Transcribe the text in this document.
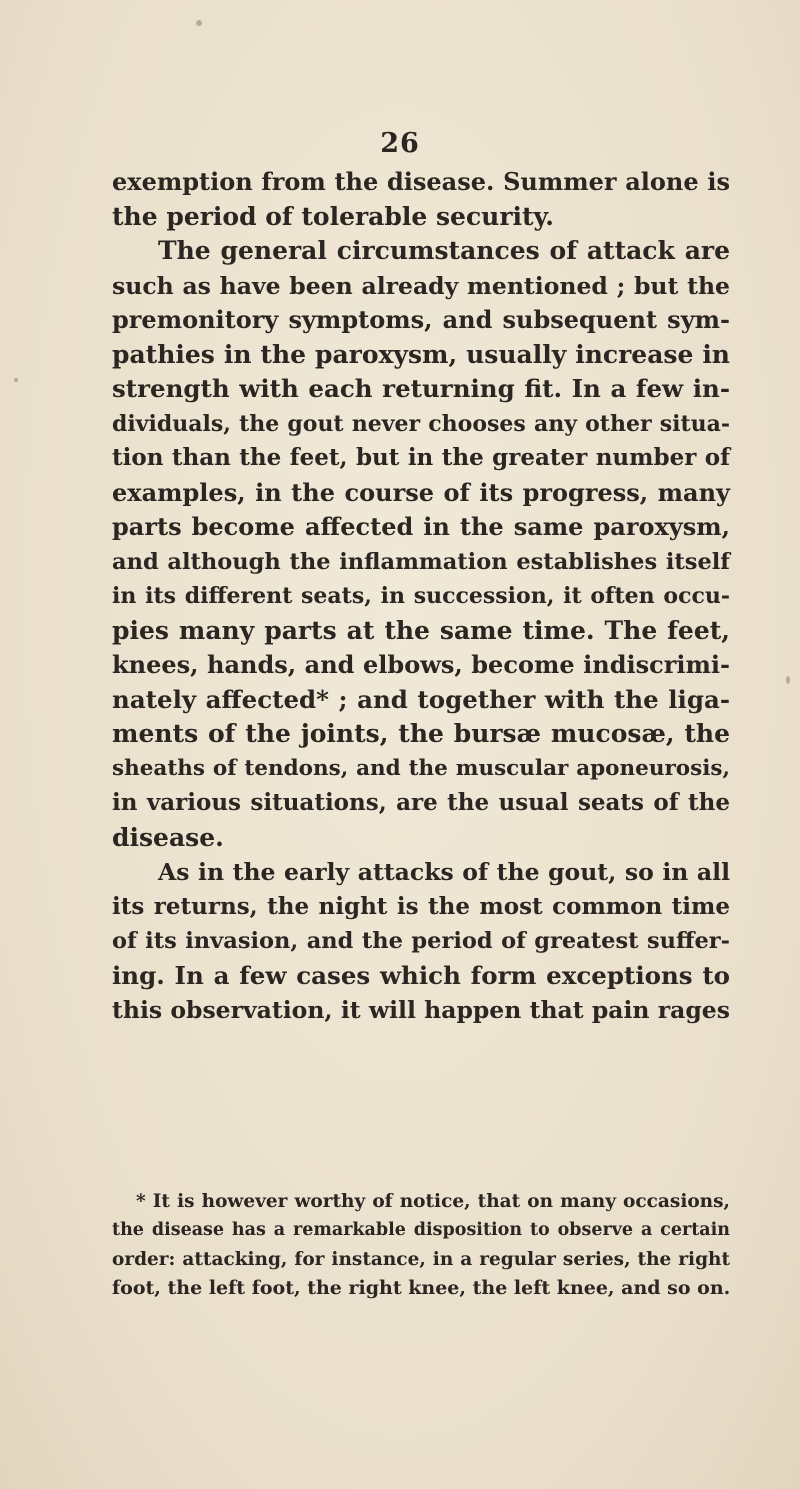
26
exemption from the disease. Summer alone is
the period of tolerable security.
The general circumstances of attack are
such as have been already mentioned ; but the
premonitory symptoms, and subsequent sym-
pathies in the paroxysm, usually increase in
strength with each returning fit. In a few in-
dividuals, the gout never chooses any other situa-
tion than the feet, but in the greater number of
examples, in the course of its progress, many
parts become affected in the same paroxysm,
and although the inflammation establishes itself
in its different seats, in succession, it often occu-
pies many parts at the same time. The feet,
knees, hands, and elbows, become indiscrimi-
nately affected* ; and together with the liga-
ments of the joints, the bursæ mucosæ, the
sheaths of tendons, and the muscular aponeurosis,
in various situations, are the usual seats of the
disease.
As in the early attacks of the gout, so in all
its returns, the night is the most common time
of its invasion, and the period of greatest suffer-
ing. In a few cases which form exceptions to
this observation, it will happen that pain rages
* It is however worthy of notice, that on many occasions,
the disease has a remarkable disposition to observe a certain
order: attacking, for instance, in a regular series, the right
foot, the left foot, the right knee, the left knee, and so on.
